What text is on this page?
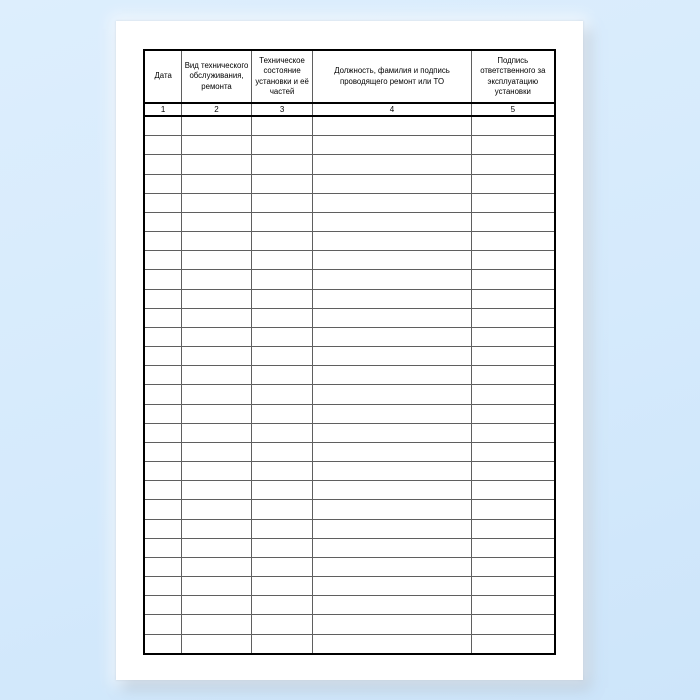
Дата	Вид технического обслуживания, ремонта	Техническое состояние установки и её частей	Должность, фамилия и подпись проводящего ремонт или ТО	Подпись ответственного за эксплуатацию установки
1	2	3	4	5
